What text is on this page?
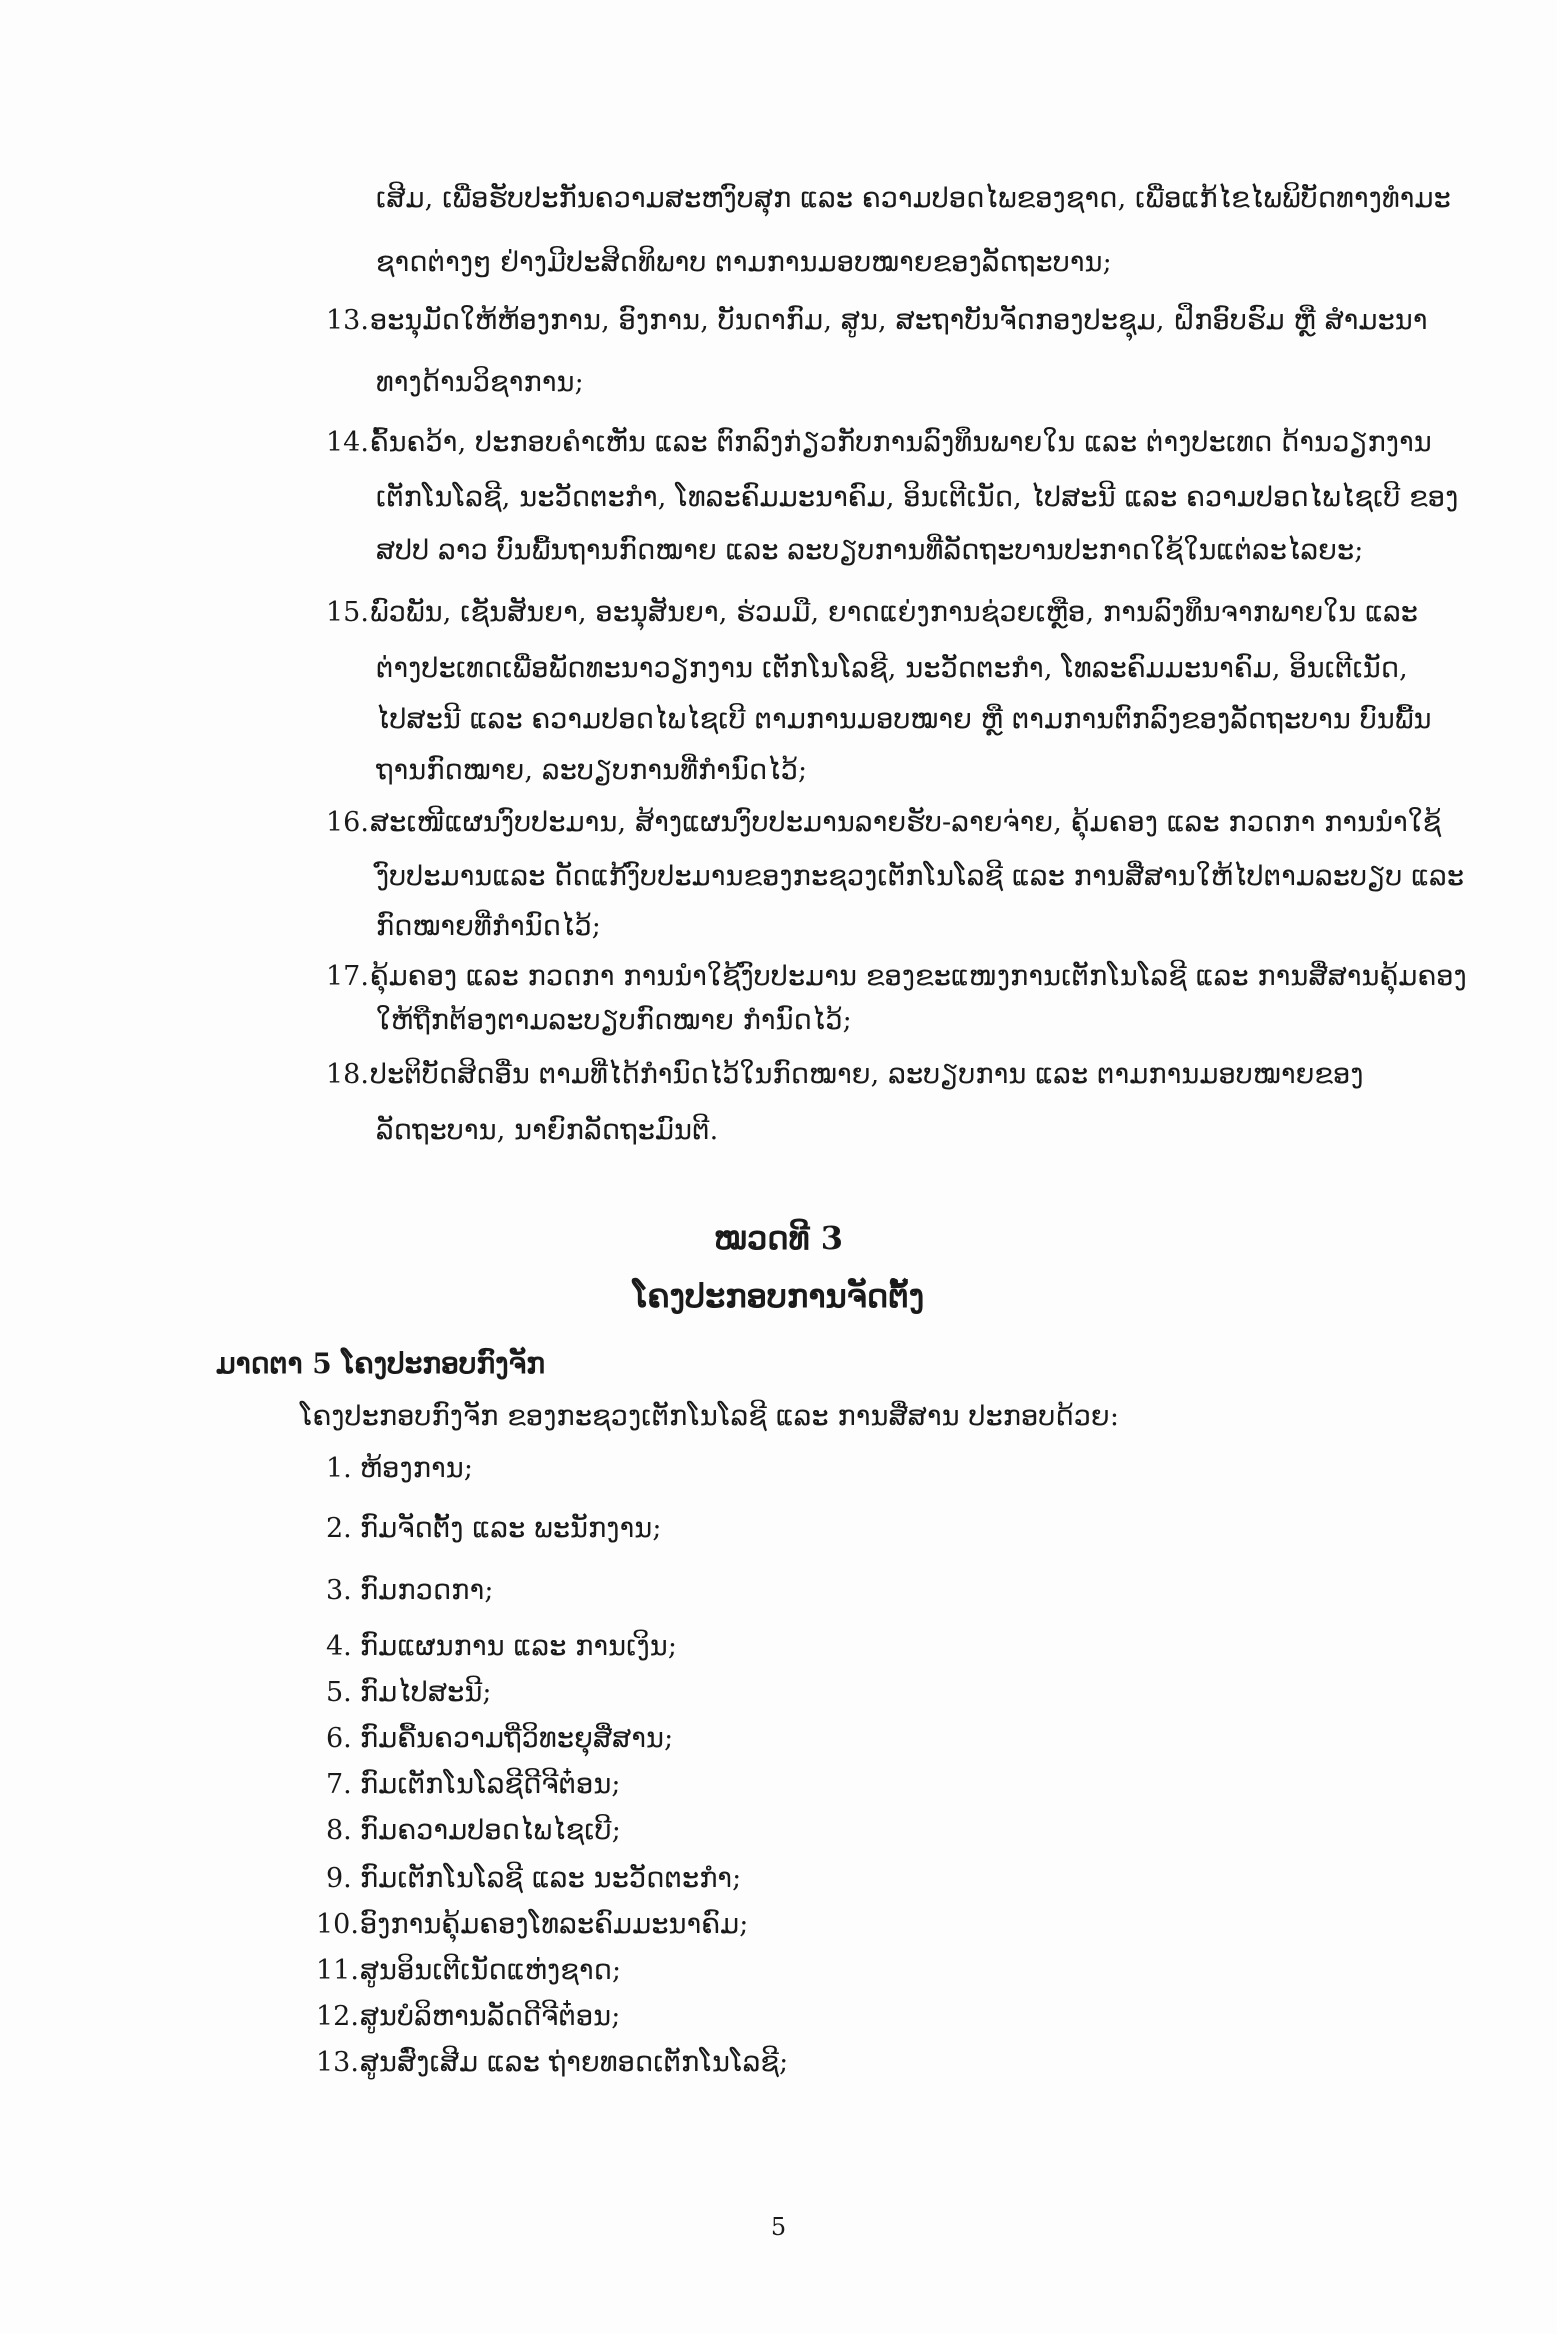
ເສີມ, ເພື່ອຮັບປະກັນຄວາມສະຫງົບສຸກ ແລະ ຄວາມປອດໄພຂອງຊາດ, ເພື່ອແກ້ໄຂໄພພິບັດທາງທຳມະ
ຊາດຕ່າງໆ ຢ່າງມີປະສິດທິພາບ ຕາມການມອບໝາຍຂອງລັດຖະບານ;
13. ອະນຸມັດໃຫ້ຫ້ອງການ, ອົງການ, ບັນດາກົມ, ສູນ, ສະຖາບັນຈັດກອງປະຊຸມ, ຝຶກອົບຮົມ ຫຼື ສຳມະນາ
ທາງດ້ານວິຊາການ;
14. ຄົ້ນຄວ້າ, ປະກອບຄຳເຫັນ ແລະ ຕົກລົງກ່ຽວກັບການລົງທຶນພາຍໃນ ແລະ ຕ່າງປະເທດ ດ້ານວຽກງານ
ເຕັກໂນໂລຊີ, ນະວັດຕະກຳ, ໂທລະຄົມມະນາຄົມ, ອິນເຕີເນັດ, ໄປສະນີ ແລະ ຄວາມປອດໄພໄຊເບີ ຂອງ
ສປປ ລາວ ບົນພື້ນຖານກົດໝາຍ ແລະ ລະບຽບການທີ່ລັດຖະບານປະກາດໃຊ້ໃນແຕ່ລະໄລຍະ;
15. ພົວພັນ, ເຊັນສັນຍາ, ອະນຸສັນຍາ, ຮ່ວມມື, ຍາດແຍ່ງການຊ່ວຍເຫຼືອ, ການລົງທຶນຈາກພາຍໃນ ແລະ
ຕ່າງປະເທດເພື່ອພັດທະນາວຽກງານ ເຕັກໂນໂລຊີ, ນະວັດຕະກຳ, ໂທລະຄົມມະນາຄົມ, ອິນເຕີເນັດ,
ໄປສະນີ ແລະ ຄວາມປອດໄພໄຊເບີ ຕາມການມອບໝາຍ ຫຼື ຕາມການຕົກລົງຂອງລັດຖະບານ ບົນພື້ນ
ຖານກົດໝາຍ, ລະບຽບການທີ່ກຳນົດໄວ້;
16. ສະເໜີແຜນງົບປະມານ, ສ້າງແຜນງົບປະມານລາຍຮັບ-ລາຍຈ່າຍ, ຄຸ້ມຄອງ ແລະ ກວດກາ ການນຳໃຊ້
ງົບປະມານແລະ ດັດແກ້ງົບປະມານຂອງກະຊວງເຕັກໂນໂລຊີ ແລະ ການສື່ສານໃຫ້ໄປຕາມລະບຽບ ແລະ
ກົດໝາຍທີ່ກຳນົດໄວ້;
17. ຄຸ້ມຄອງ ແລະ ກວດກາ ການນຳໃຊ້ງົບປະມານ ຂອງຂະແໜງການເຕັກໂນໂລຊີ ແລະ ການສື່ສານຄຸ້ມຄອງ
ໃຫ້ຖືກຕ້ອງຕາມລະບຽບກົດໝາຍ ກຳນົດໄວ້;
18. ປະຕິບັດສິດອື່ນ ຕາມທີ່ໄດ້ກຳນົດໄວ້ໃນກົດໝາຍ, ລະບຽບການ ແລະ ຕາມການມອບໝາຍຂອງ
ລັດຖະບານ, ນາຍົກລັດຖະມົນຕີ.
ໝວດທີ 3
ໂຄງປະກອບການຈັດຕັ້ງ
ມາດຕາ 5 ໂຄງປະກອບກົງຈັກ
ໂຄງປະກອບກົງຈັກ ຂອງກະຊວງເຕັກໂນໂລຊີ ແລະ ການສື່ສານ ປະກອບດ້ວຍ:
1. ຫ້ອງການ;
2. ກົມຈັດຕັ້ງ ແລະ ພະນັກງານ;
3. ກົມກວດກາ;
4. ກົມແຜນການ ແລະ ການເງິນ;
5. ກົມໄປສະນີ;
6. ກົມຄື້ນຄວາມຖີ່ວິທະຍຸສື່ສານ;
7. ກົມເຕັກໂນໂລຊີດີຈີຕ໋ອນ;
8. ກົມຄວາມປອດໄພໄຊເບີ;
9. ກົມເຕັກໂນໂລຊີ ແລະ ນະວັດຕະກຳ;
10. ອົງການຄຸ້ມຄອງໂທລະຄົມມະນາຄົມ;
11. ສູນອິນເຕີເນັດແຫ່ງຊາດ;
12. ສູນບໍລິຫານລັດດີຈີຕ໋ອນ;
13. ສູນສົ່ງເສີມ ແລະ ຖ່າຍທອດເຕັກໂນໂລຊີ;
5
